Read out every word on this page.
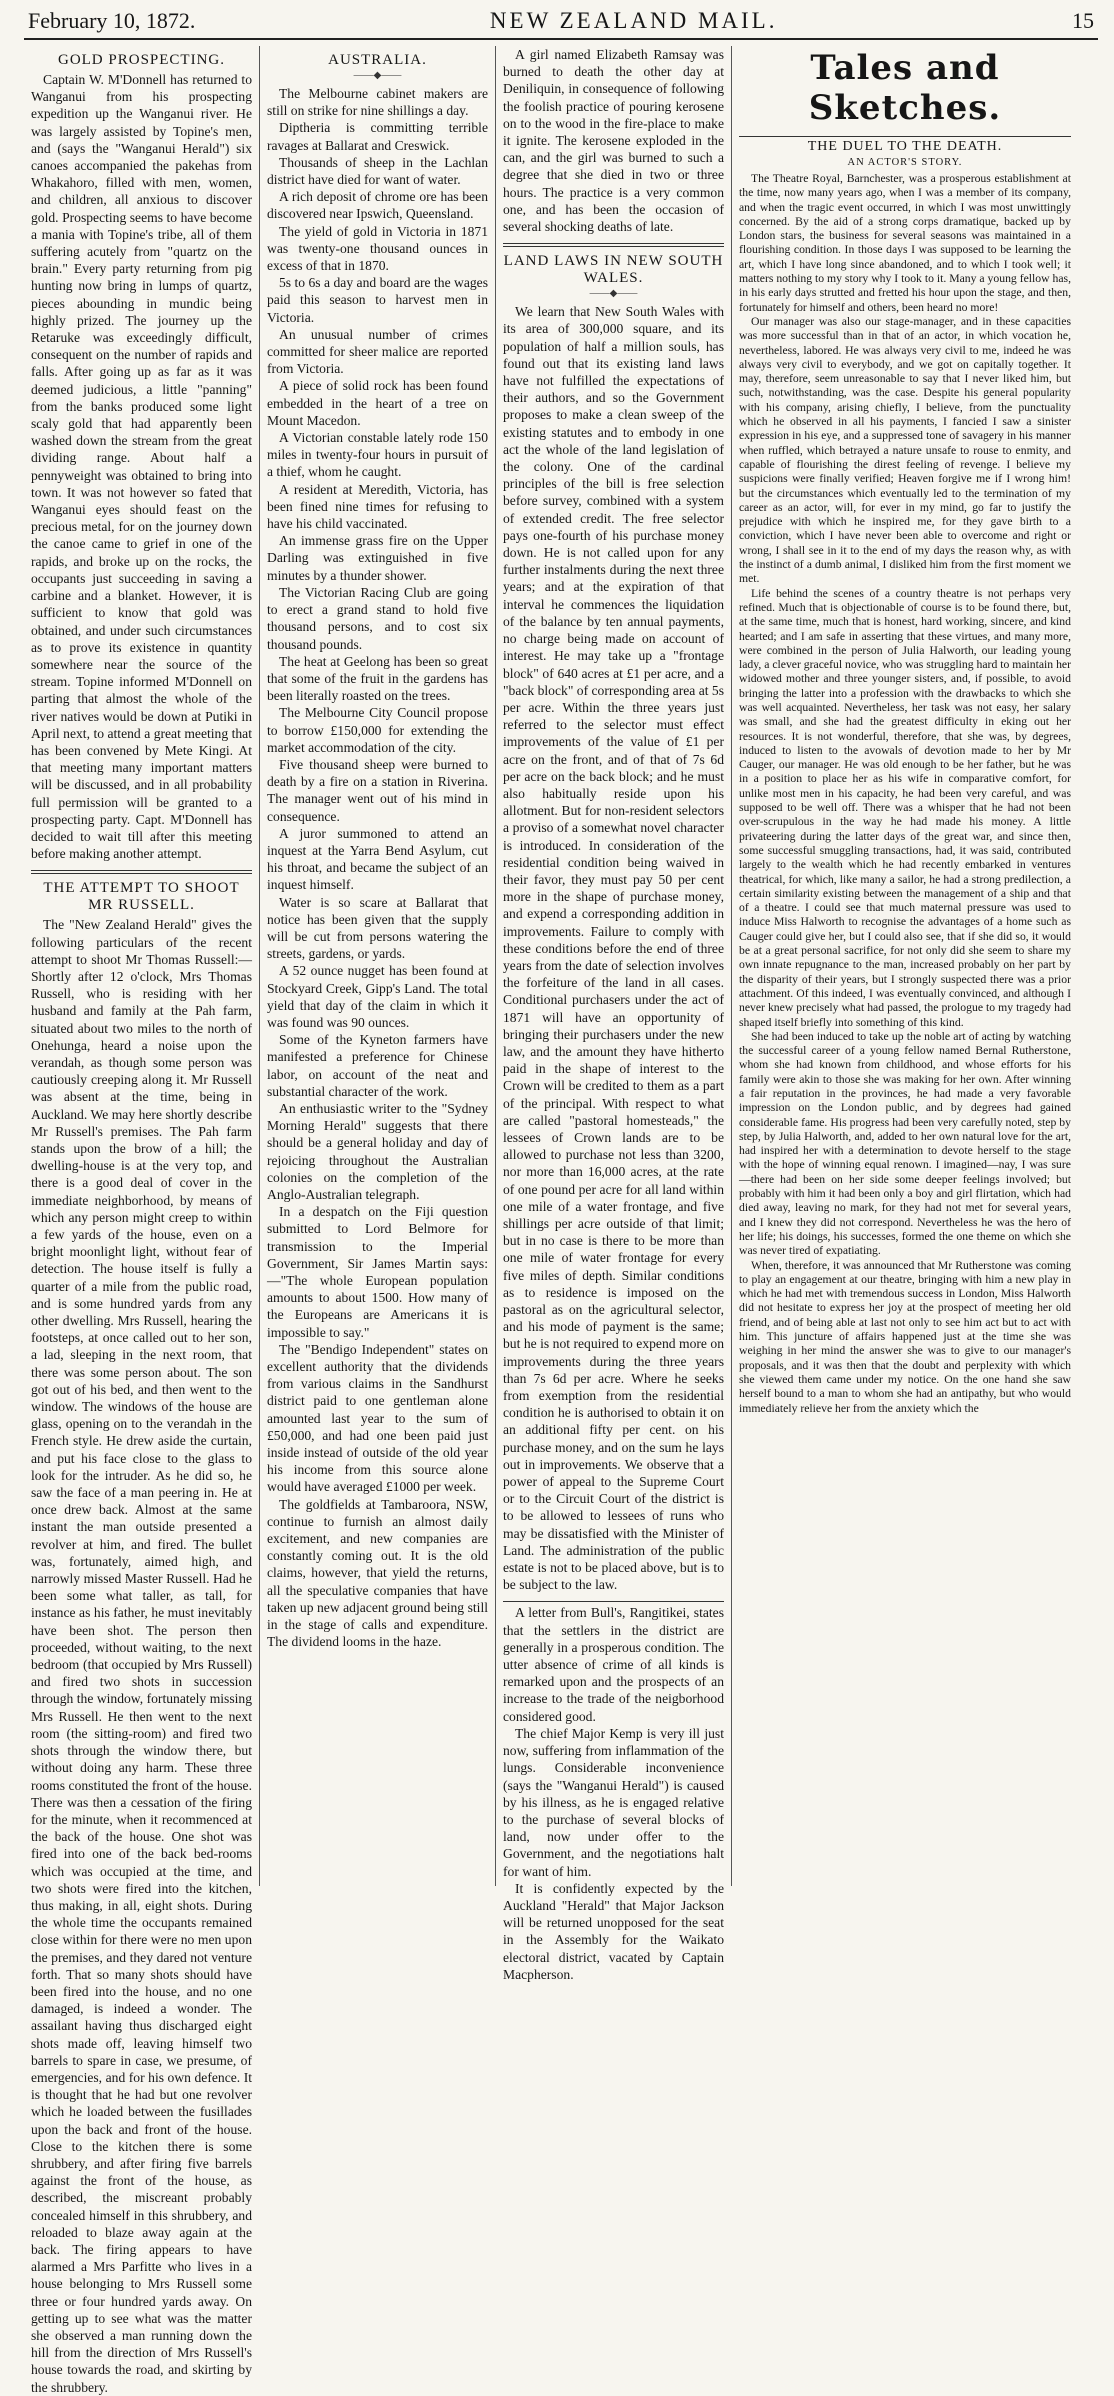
February 10, 1872.	NEW ZEALAND MAIL.	15
GOLD PROSPECTING.

Captain W. M'Donnell has returned to Wanganui from his prospecting expedition up the Wanganui river. He was largely assisted by Topine's men, and (says the "Wanganui Herald") six canoes accompanied the pakehas from Whakahoro, filled with men, women, and children, all anxious to discover gold. Prospecting seems to have become a mania with Topine's tribe, all of them suffering acutely from "quartz on the brain." Every party returning from pig hunting now bring in lumps of quartz, pieces abounding in mundic being highly prized. The journey up the Retaruke was exceedingly difficult, consequent on the number of rapids and falls. After going up as far as it was deemed judicious, a little "panning" from the banks produced some light scaly gold that had apparently been washed down the stream from the great dividing range. About half a pennyweight was obtained to bring into town. It was not however so fated that Wanganui eyes should feast on the precious metal, for on the journey down the canoe came to grief in one of the rapids, and broke up on the rocks, the occupants just succeeding in saving a carbine and a blanket. However, it is sufficient to know that gold was obtained, and under such circumstances as to prove its existence in quantity somewhere near the source of the stream. Topine informed M'Donnell on parting that almost the whole of the river natives would be down at Putiki in April next, to attend a great meeting that has been convened by Mete Kingi. At that meeting many important matters will be discussed, and in all probability full permission will be granted to a prospecting party. Capt. M'Donnell has decided to wait till after this meeting before making another attempt.

THE ATTEMPT TO SHOOT MR RUSSELL.

The "New Zealand Herald" gives the following particulars of the recent attempt to shoot Mr Thomas Russell:—Shortly after 12 o'clock, Mrs Thomas Russell, who is residing with her husband and family at the Pah farm, situated about two miles to the north of Onehunga, heard a noise upon the verandah, as though some person was cautiously creeping along it. Mr Russell was absent at the time, being in Auckland. We may here shortly describe Mr Russell's premises. The Pah farm stands upon the brow of a hill; the dwelling-house is at the very top, and there is a good deal of cover in the immediate neighborhood, by means of which any person might creep to within a few yards of the house, even on a bright moonlight light, without fear of detection. The house itself is fully a quarter of a mile from the public road, and is some hundred yards from any other dwelling. Mrs Russell, hearing the footsteps, at once called out to her son, a lad, sleeping in the next room, that there was some person about. The son got out of his bed, and then went to the window. The windows of the house are glass, opening on to the verandah in the French style. He drew aside the curtain, and put his face close to the glass to look for the intruder. As he did so, he saw the face of a man peering in. He at once drew back. Almost at the same instant the man outside presented a revolver at him, and fired. The bullet was, fortunately, aimed high, and narrowly missed Master Russell. Had he been some what taller, as tall, for instance as his father, he must inevitably have been shot. The person then proceeded, without waiting, to the next bedroom (that occupied by Mrs Russell) and fired two shots in succession through the window, fortunately missing Mrs Russell. He then went to the next room (the sitting-room) and fired two shots through the window there, but without doing any harm. These three rooms constituted the front of the house. There was then a cessation of the firing for the minute, when it recommenced at the back of the house. One shot was fired into one of the back bed-rooms which was occupied at the time, and two shots were fired into the kitchen, thus making, in all, eight shots. During the whole time the occupants remained close within for there were no men upon the premises, and they dared not venture forth. That so many shots should have been fired into the house, and no one damaged, is indeed a wonder. The assailant having thus discharged eight shots made off, leaving himself two barrels to spare in case, we presume, of emergencies, and for his own defence. It is thought that he had but one revolver which he loaded between the fusillades upon the back and front of the house. Close to the kitchen there is some shrubbery, and after firing five barrels against the front of the house, as described, the miscreant probably concealed himself in this shrubbery, and reloaded to blaze away again at the back. The firing appears to have alarmed a Mrs Parfitte who lives in a house belonging to Mrs Russell some three or four hundred yards away. On getting up to see what was the matter she observed a man running down the hill from the direction of Mrs Russell's house towards the road, and skirting by the shrubbery.

AUSTRALIA.
——◆——

The Melbourne cabinet makers are still on strike for nine shillings a day.

Diptheria is committing terrible ravages at Ballarat and Creswick.

Thousands of sheep in the Lachlan district have died for want of water.

A rich deposit of chrome ore has been discovered near Ipswich, Queensland.

The yield of gold in Victoria in 1871 was twenty-one thousand ounces in excess of that in 1870.

5s to 6s a day and board are the wages paid this season to harvest men in Victoria.

An unusual number of crimes committed for sheer malice are reported from Victoria.

A piece of solid rock has been found embedded in the heart of a tree on Mount Macedon.

A Victorian constable lately rode 150 miles in twenty-four hours in pursuit of a thief, whom he caught.

A resident at Meredith, Victoria, has been fined nine times for refusing to have his child vaccinated.

An immense grass fire on the Upper Darling was extinguished in five minutes by a thunder shower.

The Victorian Racing Club are going to erect a grand stand to hold five thousand persons, and to cost six thousand pounds.

The heat at Geelong has been so great that some of the fruit in the gardens has been literally roasted on the trees.

The Melbourne City Council propose to borrow £150,000 for extending the market accommodation of the city.

Five thousand sheep were burned to death by a fire on a station in Riverina. The manager went out of his mind in consequence.

A juror summoned to attend an inquest at the Yarra Bend Asylum, cut his throat, and became the subject of an inquest himself.

Water is so scare at Ballarat that notice has been given that the supply will be cut from persons watering the streets, gardens, or yards.

A 52 ounce nugget has been found at Stockyard Creek, Gipp's Land. The total yield that day of the claim in which it was found was 90 ounces.

Some of the Kyneton farmers have manifested a preference for Chinese labor, on account of the neat and substantial character of the work.

An enthusiastic writer to the "Sydney Morning Herald" suggests that there should be a general holiday and day of rejoicing throughout the Australian colonies on the completion of the Anglo-Australian telegraph.

In a despatch on the Fiji question submitted to Lord Belmore for transmission to the Imperial Government, Sir James Martin says:—"The whole European population amounts to about 1500. How many of the Europeans are Americans it is impossible to say."

The "Bendigo Independent" states on excellent authority that the dividends from various claims in the Sandhurst district paid to one gentleman alone amounted last year to the sum of £50,000, and had one been paid just inside instead of outside of the old year his income from this source alone would have averaged £1000 per week.

The goldfields at Tambaroora, NSW, continue to furnish an almost daily excitement, and new companies are constantly coming out. It is the old claims, however, that yield the returns, all the speculative companies that have taken up new adjacent ground being still in the stage of calls and expenditure. The dividend looms in the haze.

A girl named Elizabeth Ramsay was burned to death the other day at Deniliquin, in consequence of following the foolish practice of pouring kerosene on to the wood in the fire-place to make it ignite. The kerosene exploded in the can, and the girl was burned to such a degree that she died in two or three hours. The practice is a very common one, and has been the occasion of several shocking deaths of late.

LAND LAWS IN NEW SOUTH WALES.
——◆——

We learn that New South Wales with its area of 300,000 square, and its population of half a million souls, has found out that its existing land laws have not fulfilled the expectations of their authors, and so the Government proposes to make a clean sweep of the existing statutes and to embody in one act the whole of the land legislation of the colony. One of the cardinal principles of the bill is free selection before survey, combined with a system of extended credit. The free selector pays one-fourth of his purchase money down. He is not called upon for any further instalments during the next three years; and at the expiration of that interval he commences the liquidation of the balance by ten annual payments, no charge being made on account of interest. He may take up a "frontage block" of 640 acres at £1 per acre, and a "back block" of corresponding area at 5s per acre. Within the three years just referred to the selector must effect improvements of the value of £1 per acre on the front, and of that of 7s 6d per acre on the back block; and he must also habitually reside upon his allotment. But for non-resident selectors a proviso of a somewhat novel character is introduced. In consideration of the residential condition being waived in their favor, they must pay 50 per cent more in the shape of purchase money, and expend a corresponding addition in improvements. Failure to comply with these conditions before the end of three years from the date of selection involves the forfeiture of the land in all cases. Conditional purchasers under the act of 1871 will have an opportunity of bringing their purchasers under the new law, and the amount they have hitherto paid in the shape of interest to the Crown will be credited to them as a part of the principal. With respect to what are called "pastoral homesteads," the lessees of Crown lands are to be allowed to purchase not less than 3200, nor more than 16,000 acres, at the rate of one pound per acre for all land within one mile of a water frontage, and five shillings per acre outside of that limit; but in no case is there to be more than one mile of water frontage for every five miles of depth. Similar conditions as to residence is imposed on the pastoral as on the agricultural selector, and his mode of payment is the same; but he is not required to expend more on improvements during the three years than 7s 6d per acre. Where he seeks from exemption from the residential condition he is authorised to obtain it on an additional fifty per cent. on his purchase money, and on the sum he lays out in improvements. We observe that a power of appeal to the Supreme Court or to the Circuit Court of the district is to be allowed to lessees of runs who may be dissatisfied with the Minister of Land. The administration of the public estate is not to be placed above, but is to be subject to the law.

A letter from Bull's, Rangitikei, states that the settlers in the district are generally in a prosperous condition. The utter absence of crime of all kinds is remarked upon and the prospects of an increase to the trade of the neigborhood considered good.

The chief Major Kemp is very ill just now, suffering from inflammation of the lungs. Considerable inconvenience (says the "Wanganui Herald") is caused by his illness, as he is engaged relative to the purchase of several blocks of land, now under offer to the Government, and the negotiations halt for want of him.

It is confidently expected by the Auckland "Herald" that Major Jackson will be returned unopposed for the seat in the Assembly for the Waikato electoral district, vacated by Captain Macpherson.

Tales and Sketches.
THE DUEL TO THE DEATH.
AN ACTOR'S STORY.

The Theatre Royal, Barnchester, was a prosperous establishment at the time, now many years ago, when I was a member of its company, and when the tragic event occurred, in which I was most unwittingly concerned. By the aid of a strong corps dramatique, backed up by London stars, the business for several seasons was maintained in a flourishing condition. In those days I was supposed to be learning the art, which I have long since abandoned, and to which I took well; it matters nothing to my story why I took to it. Many a young fellow has, in his early days strutted and fretted his hour upon the stage, and then, fortunately for himself and others, been heard no more!

Our manager was also our stage-manager, and in these capacities was more successful than in that of an actor, in which vocation he, nevertheless, labored. He was always very civil to me, indeed he was always very civil to everybody, and we got on capitally together. It may, therefore, seem unreasonable to say that I never liked him, but such, notwithstanding, was the case. Despite his general popularity with his company, arising chiefly, I believe, from the punctuality which he observed in all his payments, I fancied I saw a sinister expression in his eye, and a suppressed tone of savagery in his manner when ruffled, which betrayed a nature unsafe to rouse to enmity, and capable of flourishing the direst feeling of revenge. I believe my suspicions were finally verified; Heaven forgive me if I wrong him! but the circumstances which eventually led to the termination of my career as an actor, will, for ever in my mind, go far to justify the prejudice with which he inspired me, for they gave birth to a conviction, which I have never been able to overcome and right or wrong, I shall see in it to the end of my days the reason why, as with the instinct of a dumb animal, I disliked him from the first moment we met.

Life behind the scenes of a country theatre is not perhaps very refined. Much that is objectionable of course is to be found there, but, at the same time, much that is honest, hard working, sincere, and kind hearted; and I am safe in asserting that these virtues, and many more, were combined in the person of Julia Halworth, our leading young lady, a clever graceful novice, who was struggling hard to maintain her widowed mother and three younger sisters, and, if possible, to avoid bringing the latter into a profession with the drawbacks to which she was well acquainted. Nevertheless, her task was not easy, her salary was small, and she had the greatest difficulty in eking out her resources. It is not wonderful, therefore, that she was, by degrees, induced to listen to the avowals of devotion made to her by Mr Cauger, our manager. He was old enough to be her father, but he was in a position to place her as his wife in comparative comfort, for unlike most men in his capacity, he had been very careful, and was supposed to be well off. There was a whisper that he had not been over-scrupulous in the way he had made his money. A little privateering during the latter days of the great war, and since then, some successful smuggling transactions, had, it was said, contributed largely to the wealth which he had recently embarked in ventures theatrical, for which, like many a sailor, he had a strong predilection, a certain similarity existing between the management of a ship and that of a theatre. I could see that much maternal pressure was used to induce Miss Halworth to recognise the advantages of a home such as Cauger could give her, but I could also see, that if she did so, it would be at a great personal sacrifice, for not only did she seem to share my own innate repugnance to the man, increased probably on her part by the disparity of their years, but I strongly suspected there was a prior attachment. Of this indeed, I was eventually convinced, and although I never knew precisely what had passed, the prologue to my tragedy had shaped itself briefly into something of this kind.

She had been induced to take up the noble art of acting by watching the successful career of a young fellow named Bernal Rutherstone, whom she had known from childhood, and whose efforts for his family were akin to those she was making for her own. After winning a fair reputation in the provinces, he had made a very favorable impression on the London public, and by degrees had gained considerable fame. His progress had been very carefully noted, step by step, by Julia Halworth, and, added to her own natural love for the art, had inspired her with a determination to devote herself to the stage with the hope of winning equal renown. I imagined—nay, I was sure—there had been on her side some deeper feelings involved; but probably with him it had been only a boy and girl flirtation, which had died away, leaving no mark, for they had not met for several years, and I knew they did not correspond. Nevertheless he was the hero of her life; his doings, his successes, formed the one theme on which she was never tired of expatiating.

When, therefore, it was announced that Mr Rutherstone was coming to play an engagement at our theatre, bringing with him a new play in which he had met with tremendous success in London, Miss Halworth did not hesitate to express her joy at the prospect of meeting her old friend, and of being able at last not only to see him act but to act with him. This juncture of affairs happened just at the time she was weighing in her mind the answer she was to give to our manager's proposals, and it was then that the doubt and perplexity with which she viewed them came under my notice. On the one hand she saw herself bound to a man to whom she had an antipathy, but who would immediately relieve her from the anxiety which the
